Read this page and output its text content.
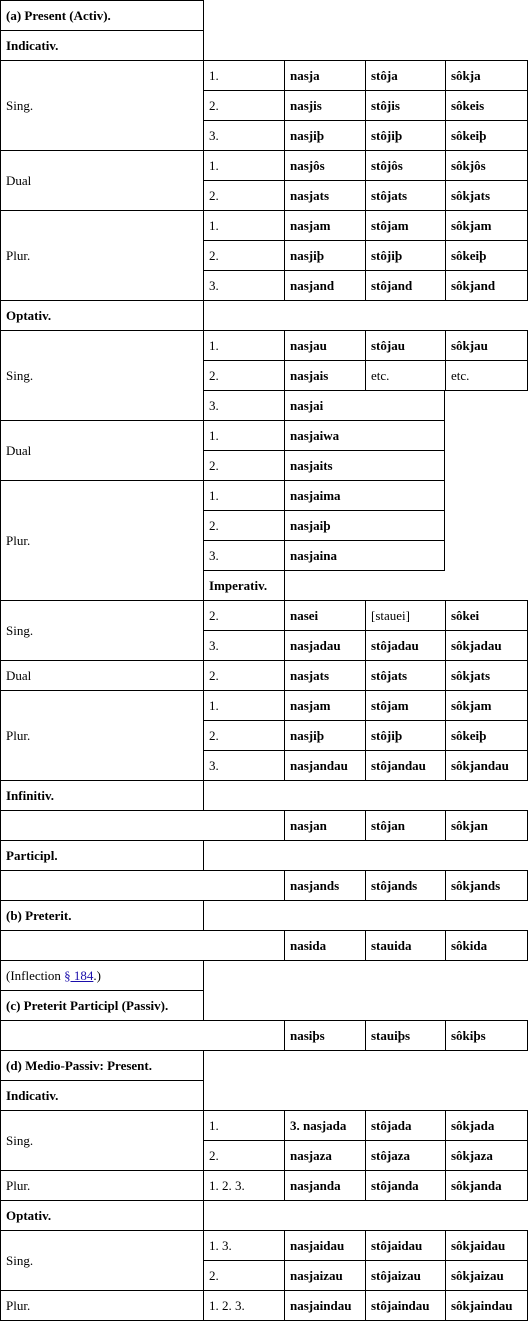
(a) Present (Activ).
Indicativ.
Sing.
1.	nasja	stôja	sôkja
2.	nasjis	stôjis	sôkeis
3.	nasjiþ	stôjiþ	sôkeiþ
Dual
1.	nasjôs	stôjôs	sôkjôs
2.	nasjats	stôjats	sôkjats
Plur.
1.	nasjam	stôjam	sôkjam
2.	nasjiþ	stôjiþ	sôkeiþ
3.	nasjand	stôjand	sôkjand
Optativ.
Sing.
1.	nasjau	stôjau	sôkjau
2.	nasjais	etc.	etc.
3.	nasjai
Dual
1.	nasjaiwa
2.	nasjaits
Plur.
1.	nasjaima
2.	nasjaiþ
3.	nasjaina
Imperativ.
Sing.
2.	nasei	[stauei]	sôkei
3.	nasjadau	stôjadau	sôkjadau
Dual	2.	nasjats	stôjats	sôkjats
Plur.
1.	nasjam	stôjam	sôkjam
2.	nasjiþ	stôjiþ	sôkeiþ
3.	nasjandau	stôjandau	sôkjandau
Infinitiv.
nasjan	stôjan	sôkjan
Participl.
nasjands	stôjands	sôkjands
(b) Preterit.
nasida	stauida	sôkida
(Inflection § 184 .)
(c) Preterit Participl (Passiv).
nasiþs	stauiþs	sôkiþs
(d) Medio-Passiv: Present.
Indicativ.
Sing.
1.	3. nasjada	stôjada	sôkjada
2.	nasjaza	stôjaza	sôkjaza
Plur.	1. 2. 3.	nasjanda	stôjanda	sôkjanda
Optativ.
Sing.
1. 3.	nasjaidau	stôjaidau	sôkjaidau
2.	nasjaizau	stôjaizau	sôkjaizau
Plur.	1. 2. 3.	nasjaindau	stôjaindau	sôkjaindau
